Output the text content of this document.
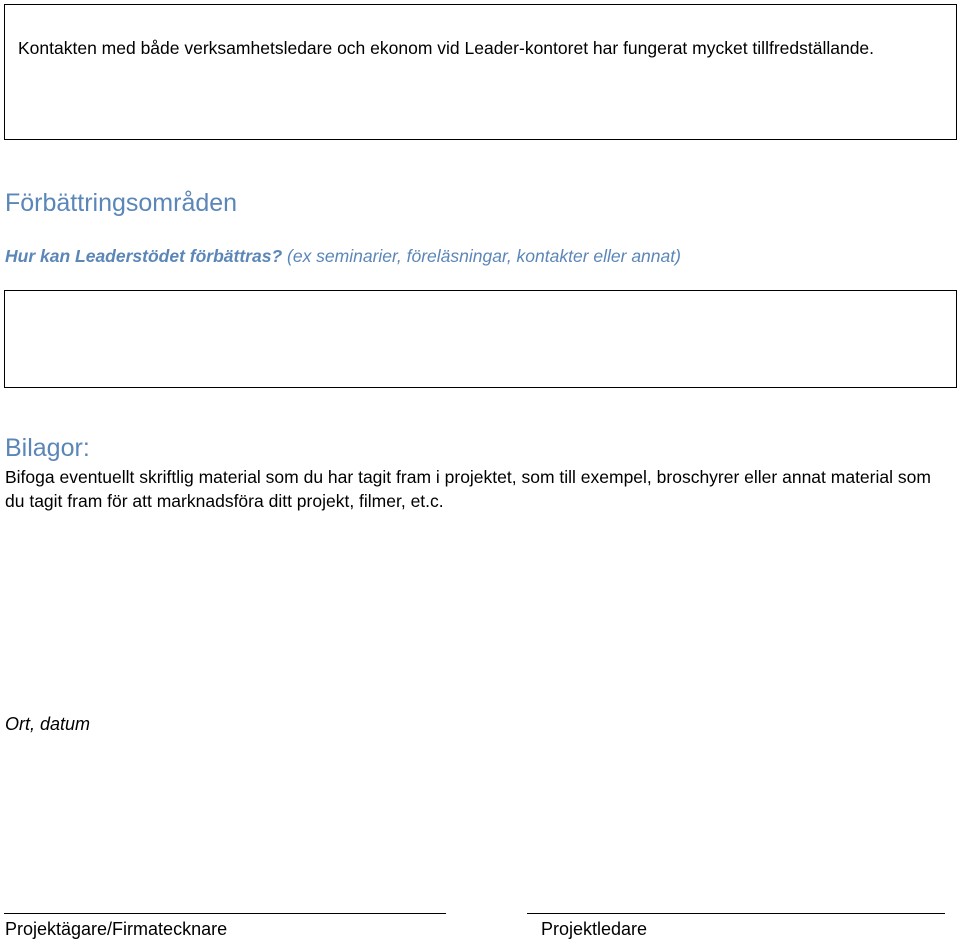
Kontakten med både verksamhetsledare och ekonom vid Leader-kontoret har fungerat mycket tillfredställande.

Förbättringsområden

Hur kan Leaderstödet förbättras? (ex seminarier, föreläsningar, kontakter eller annat)

Bilagor:

Bifoga eventuellt skriftlig material som du har tagit fram i projektet, som till exempel, broschyrer eller annat material som du tagit fram för att marknadsföra ditt projekt, filmer, et.c.

Ort, datum

Projektägare/Firmatecknare	Projektledare
